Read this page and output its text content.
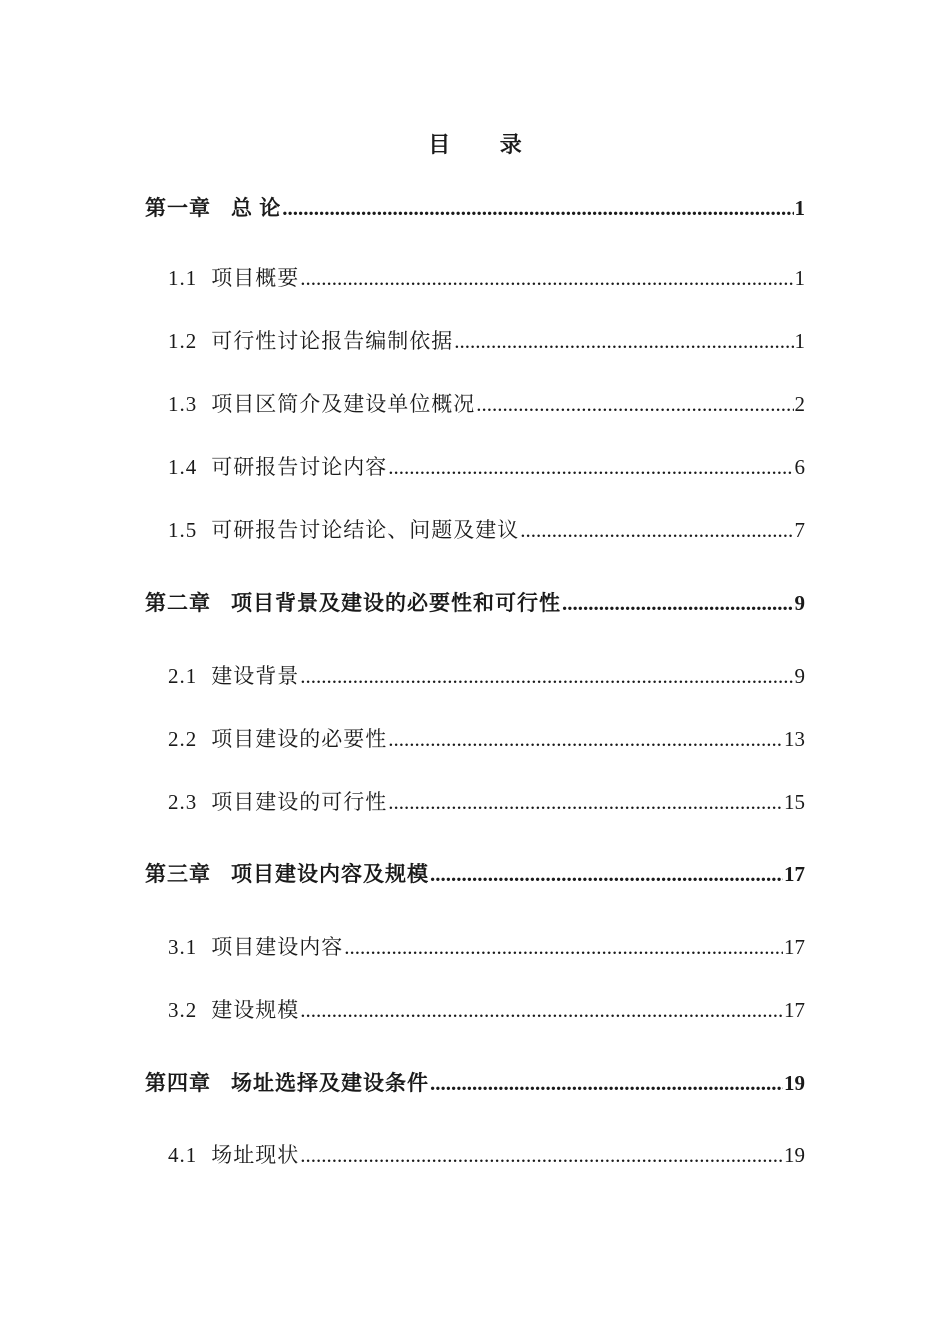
目 录
第一章 总 论 .....	1
1.1 项目概要 .....	1
1.2 可行性讨论报告编制依据 .....	1
1.3 项目区简介及建设单位概况 .....	2
1.4 可研报告讨论内容 .....	6
1.5 可研报告讨论结论、问题及建议 .....	7
第二章 项目背景及建设的必要性和可行性 .....	9
2.1 建设背景 .....	9
2.2 项目建设的必要性 .....	13
2.3 项目建设的可行性 .....	15
第三章 项目建设内容及规模 .....	17
3.1 项目建设内容 .....	17
3.2 建设规模 .....	17
第四章 场址选择及建设条件 .....	19
4.1 场址现状 .....	19
